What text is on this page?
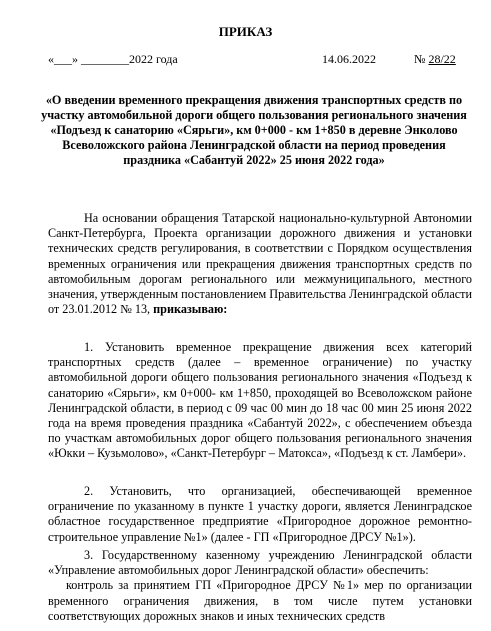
ПРИКАЗ
«___» ________2022 года	14.06.2022	№ 28/22
«О введении временного прекращения движения транспортных средств по участку автомобильной дороги общего пользования регионального значения «Подъезд к санаторию «Сярьги», км 0+000 - км 1+850 в деревне Энколово Всеволожского района Ленинградской области на период проведения праздника «Сабантуй 2022» 25 июня 2022 года»

На основании обращения Татарской национально-культурной Автономии Санкт-Петербурга, Проекта организации дорожного движения и установки технических средств регулирования, в соответствии с Порядком осуществления временных ограничения или прекращения движения транспортных средств по автомобильным дорогам регионального или межмуниципального, местного значения, утвержденным постановлением Правительства Ленинградской области от 23.01.2012 № 13, приказываю:

1. Установить временное прекращение движения всех категорий транспортных средств (далее – временное ограничение) по участку автомобильной дороги общего пользования регионального значения «Подъезд к санаторию «Сярьги», км 0+000- км 1+850, проходящей во Всеволожском районе Ленинградской области, в период с 09 час 00 мин до 18 час 00 мин 25 июня 2022 года на время проведения праздника «Сабантуй 2022», с обеспечением объезда по участкам автомобильных дорог общего пользования регионального значения «Юкки – Кузьмолово», «Санкт-Петербург – Матокса», «Подъезд к ст. Ламбери».

2. Установить, что организацией, обеспечивающей временное ограничение по указанному в пункте 1 участку дороги, является Ленинградское областное государственное предприятие «Пригородное дорожное ремонтно-строительное управление №1» (далее - ГП «Пригородное ДРСУ №1»).

3. Государственному казенному учреждению Ленинградской области «Управление автомобильных дорог Ленинградской области» обеспечить:

контроль за принятием ГП «Пригородное ДРСУ №1» мер по организации временного ограничения движения, в том числе путем установки соответствующих дорожных знаков и иных технических средств
